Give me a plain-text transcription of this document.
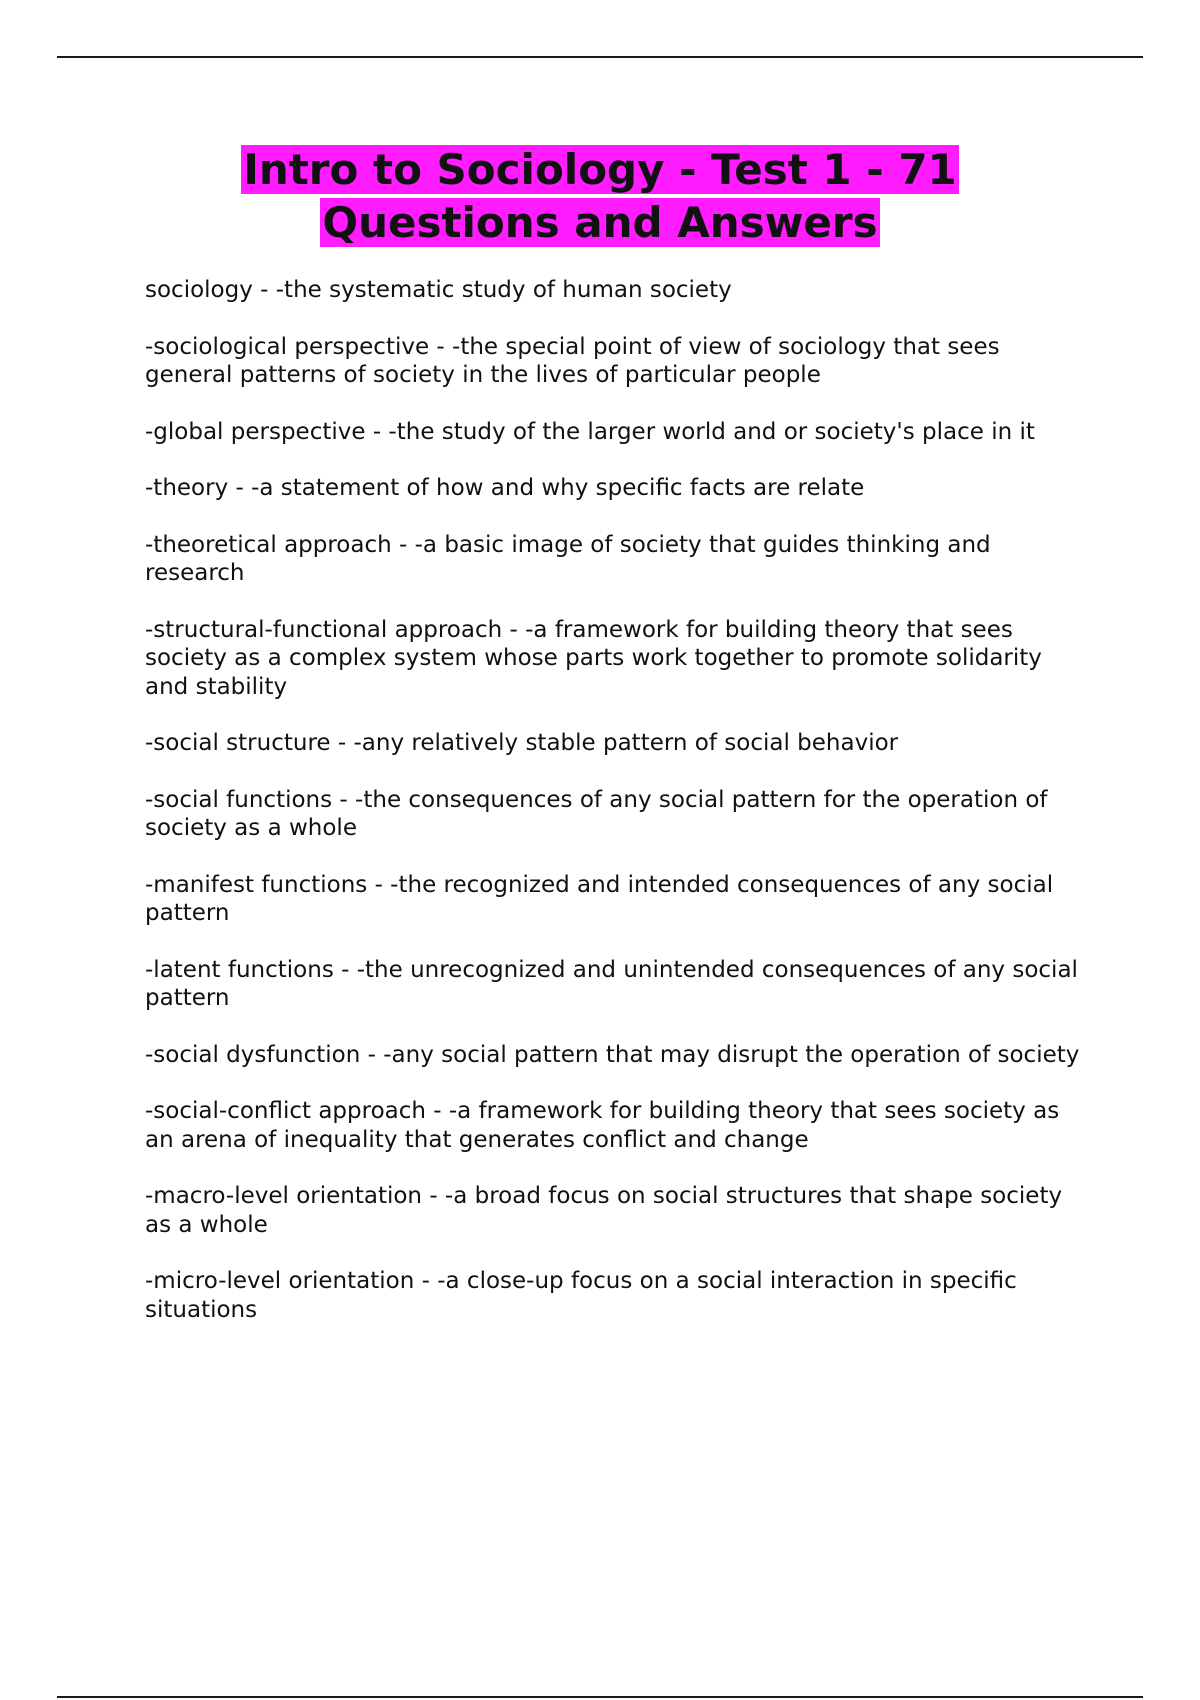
Intro to Sociology - Test 1 - 71
Questions and Answers
sociology - -the systematic study of human society
-sociological perspective - -the special point of view of sociology that sees general patterns of society in the lives of particular people
-global perspective - -the study of the larger world and or society's place in it
-theory - -a statement of how and why specific facts are relate
-theoretical approach - -a basic image of society that guides thinking and research
-structural-functional approach - -a framework for building theory that sees society as a complex system whose parts work together to promote solidarity and stability
-social structure - -any relatively stable pattern of social behavior
-social functions - -the consequences of any social pattern for the operation of society as a whole
-manifest functions - -the recognized and intended consequences of any social pattern
-latent functions - -the unrecognized and unintended consequences of any social pattern
-social dysfunction - -any social pattern that may disrupt the operation of society
-social-conflict approach - -a framework for building theory that sees society as an arena of inequality that generates conflict and change
-macro-level orientation - -a broad focus on social structures that shape society as a whole
-micro-level orientation - -a close-up focus on a social interaction in specific situations
